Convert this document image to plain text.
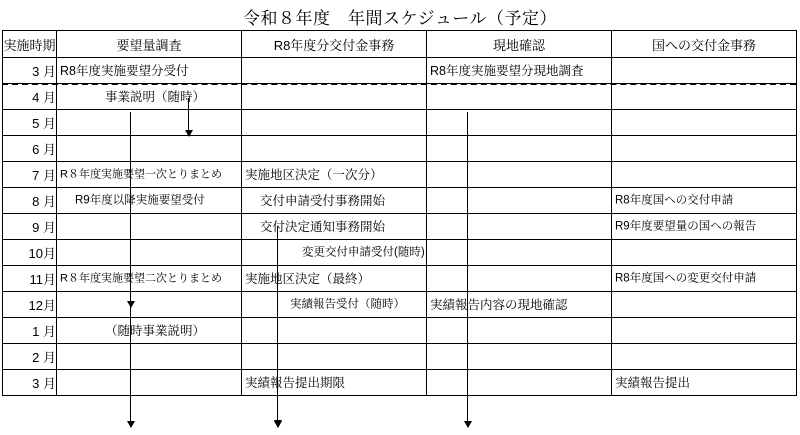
令和８年度　年間スケジュール（予定）
実施時期	要望量調査	R8年度分交付金事務	現地確認	国への交付金事務
3 月	R8年度実施要望分受付		R8年度実施要望分現地調査	

4 月	事業説明（随時）			

5 月	

6 月	

7 月	R８年度実施要望一次とりまとめ	実施地区決定（一次分）		

8 月	R9年度以降実施要望受付	交付申請受付事務開始		R8年度国への交付申請

9 月		交付決定通知事務開始		R9年度要望量の国への報告

10月		変更交付申請受付(随時)		

11月	R８年度実施要望二次とりまとめ	実施地区決定（最終）		R8年度国への変更交付申請

12月		実績報告受付（随時）	実績報告内容の現地確認	

1 月	（随時事業説明）			

2 月	

3 月		実績報告提出期限		実績報告提出
